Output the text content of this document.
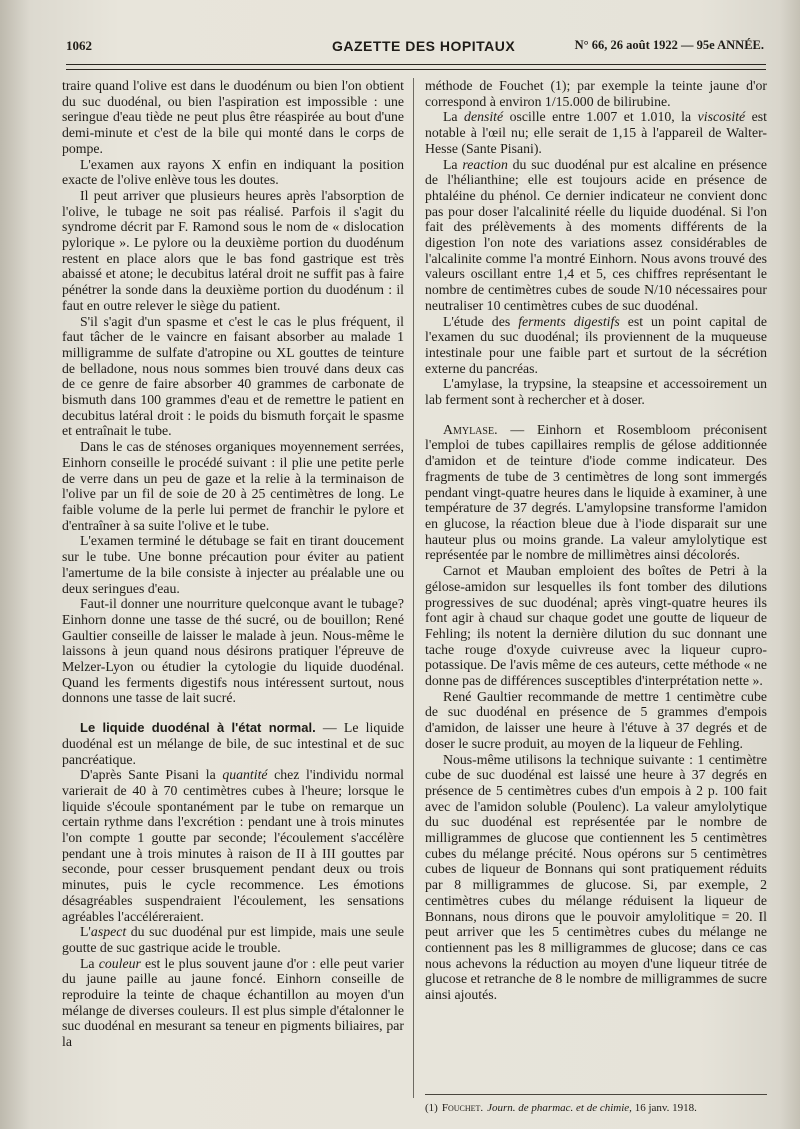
1062	GAZETTE DES HOPITAUX	N° 66, 26 août 1922 — 95e ANNÉE.

traire quand l'olive est dans le duodénum ou bien l'on obtient du suc duodénal, ou bien l'aspiration est impossible : une seringue d'eau tiède ne peut plus être réaspirée au bout d'une demi-minute et c'est de la bile qui monté dans le corps de pompe.

L'examen aux rayons X enfin en indiquant la position exacte de l'olive enlève tous les doutes.

Il peut arriver que plusieurs heures après l'absorption de l'olive, le tubage ne soit pas réalisé. Parfois il s'agit du syndrome décrit par F. Ramond sous le nom de « dislocation pylorique ». Le pylore ou la deuxième portion du duodénum restent en place alors que le bas fond gastrique est très abaissé et atone; le decubitus latéral droit ne suffit pas à faire pénétrer la sonde dans la deuxième portion du duodénum : il faut en outre relever le siège du patient.

S'il s'agit d'un spasme et c'est le cas le plus fréquent, il faut tâcher de le vaincre en faisant absorber au malade 1 milligramme de sulfate d'atropine ou XL gouttes de teinture de belladone, nous nous sommes bien trouvé dans deux cas de ce genre de faire absorber 40 grammes de carbonate de bismuth dans 100 grammes d'eau et de remettre le patient en decubitus latéral droit : le poids du bismuth forçait le spasme et entraînait le tube.

Dans le cas de sténoses organiques moyennement serrées, Einhorn conseille le procédé suivant : il plie une petite perle de verre dans un peu de gaze et la relie à la terminaison de l'olive par un fil de soie de 20 à 25 centimètres de long. Le faible volume de la perle lui permet de franchir le pylore et d'entraîner à sa suite l'olive et le tube.

L'examen terminé le détubage se fait en tirant doucement sur le tube. Une bonne précaution pour éviter au patient l'amertume de la bile consiste à injecter au préalable une ou deux seringues d'eau.

Faut-il donner une nourriture quelconque avant le tubage? Einhorn donne une tasse de thé sucré, ou de bouillon; René Gaultier conseille de laisser le malade à jeun. Nous-même le laissons à jeun quand nous désirons pratiquer l'épreuve de Melzer-Lyon ou étudier la cytologie du liquide duodénal. Quand les ferments digestifs nous intéressent surtout, nous donnons une tasse de lait sucré.

Le liquide duodénal à l'état normal. — Le liquide duodénal est un mélange de bile, de suc intestinal et de suc pancréatique.

D'après Sante Pisani la quantité chez l'individu normal varierait de 40 à 70 centimètres cubes à l'heure; lorsque le liquide s'écoule spontanément par le tube on remarque un certain rythme dans l'excrétion : pendant une à trois minutes l'on compte 1 goutte par seconde; l'écoulement s'accélère pendant une à trois minutes à raison de II à III gouttes par seconde, pour cesser brusquement pendant deux ou trois minutes, puis le cycle recommence. Les émotions désagréables suspendraient l'écoulement, les sensations agréables l'accéléreraient.

L'aspect du suc duodénal pur est limpide, mais une seule goutte de suc gastrique acide le trouble.

La couleur est le plus souvent jaune d'or : elle peut varier du jaune paille au jaune foncé. Einhorn conseille de reproduire la teinte de chaque échantillon au moyen d'un mélange de diverses couleurs. Il est plus simple d'étalonner le suc duodénal en mesurant sa teneur en pigments biliaires, par la

méthode de Fouchet (1); par exemple la teinte jaune d'or correspond à environ 1/15.000 de bilirubine.

La densité oscille entre 1.007 et 1.010, la viscosité est notable à l'œil nu; elle serait de 1,15 à l'appareil de Walter-Hesse (Sante Pisani).

La reaction du suc duodénal pur est alcaline en présence de l'hélianthine; elle est toujours acide en présence de phtaléine du phénol. Ce dernier indicateur ne convient donc pas pour doser l'alcalinité réelle du liquide duodénal. Si l'on fait des prélèvements à des moments différents de la digestion l'on note des variations assez considérables de l'alcalinite comme l'a montré Einhorn. Nous avons trouvé des valeurs oscillant entre 1,4 et 5, ces chiffres représentant le nombre de centimètres cubes de soude N/10 nécessaires pour neutraliser 10 centimètres cubes de suc duodénal.

L'étude des ferments digestifs est un point capital de l'examen du suc duodénal; ils proviennent de la muqueuse intestinale pour une faible part et surtout de la sécrétion externe du pancréas.

L'amylase, la trypsine, la steapsine et accessoirement un lab ferment sont à rechercher et à doser.

Amylase. — Einhorn et Rosembloom préconisent l'emploi de tubes capillaires remplis de gélose additionnée d'amidon et de teinture d'iode comme indicateur. Des fragments de tube de 3 centimètres de long sont immergés pendant vingt-quatre heures dans le liquide à examiner, à une température de 37 degrés. L'amylopsine transforme l'amidon en glucose, la réaction bleue due à l'iode disparait sur une hauteur plus ou moins grande. La valeur amylolytique est représentée par le nombre de millimètres ainsi décolorés.

Carnot et Mauban emploient des boîtes de Petri à la gélose-amidon sur lesquelles ils font tomber des dilutions progressives de suc duodénal; après vingt-quatre heures ils font agir à chaud sur chaque godet une goutte de liqueur de Fehling; ils notent la dernière dilution du suc donnant une tache rouge d'oxyde cuivreuse avec la liqueur cupro-potassique. De l'avis même de ces auteurs, cette méthode « ne donne pas de différences susceptibles d'interprétation nette ».

René Gaultier recommande de mettre 1 centimètre cube de suc duodénal en présence de 5 grammes d'empois d'amidon, de laisser une heure à l'étuve à 37 degrés et de doser le sucre produit, au moyen de la liqueur de Fehling.

Nous-même utilisons la technique suivante : 1 centimètre cube de suc duodénal est laissé une heure à 37 degrés en présence de 5 centimètres cubes d'un empois à 2 p. 100 fait avec de l'amidon soluble (Poulenc). La valeur amylolytique du suc duodénal est représentée par le nombre de milligrammes de glucose que contiennent les 5 centimètres cubes du mélange précité. Nous opérons sur 5 centimètres cubes de liqueur de Bonnans qui sont pratiquement réduits par 8 milligrammes de glucose. Si, par exemple, 2 centimètres cubes du mélange réduisent la liqueur de Bonnans, nous dirons que le pouvoir amylolitique = 20. Il peut arriver que les 5 centimètres cubes du mélange ne contiennent pas les 8 milligrammes de glucose; dans ce cas nous achevons la réduction au moyen d'une liqueur titrée de glucose et retranche de 8 le nombre de milligrammes de sucre ainsi ajoutés.

(1) Fouchet. Journ. de pharmac. et de chimie, 16 janv. 1918.
